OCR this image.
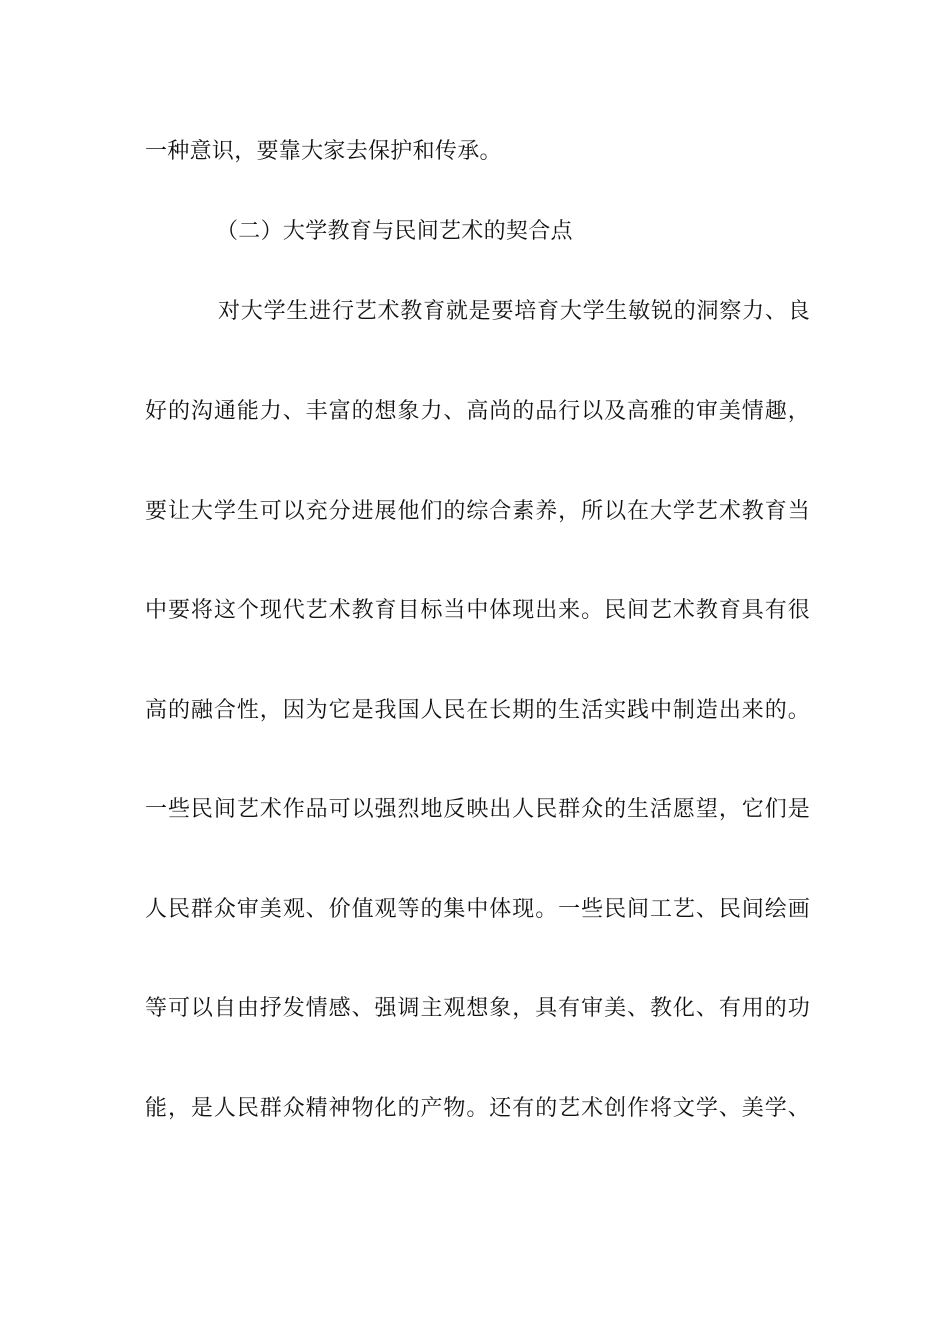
一种意识，要靠大家去保护和传承。
（二）大学教育与民间艺术的契合点
对大学生进行艺术教育就是要培育大学生敏锐的洞察力、良
好的沟通能力、丰富的想象力、高尚的品行以及高雅的审美情趣，
要让大学生可以充分进展他们的综合素养，所以在大学艺术教育当
中要将这个现代艺术教育目标当中体现出来。民间艺术教育具有很
高的融合性，因为它是我国人民在长期的生活实践中制造出来的。
一些民间艺术作品可以强烈地反映出人民群众的生活愿望，它们是
人民群众审美观、价值观等的集中体现。一些民间工艺、民间绘画
等可以自由抒发情感、强调主观想象，具有审美、教化、有用的功
能，是人民群众精神物化的产物。还有的艺术创作将文学、美学、
